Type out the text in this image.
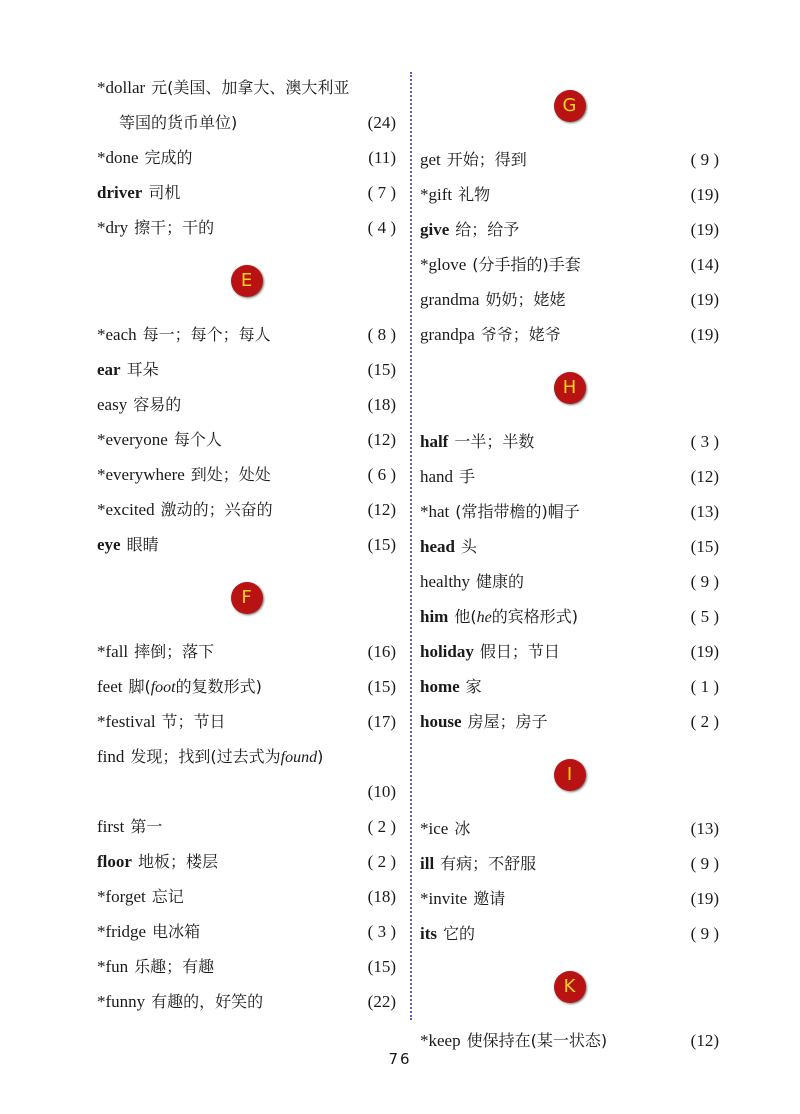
*dollar 元(美国、加拿大、澳大利亚
等国的货币单位)	(24)
*done 完成的	(11)
driver 司机	( 7 )
*dry 擦干；干的	( 4 )
E
*each 每一；每个；每人	( 8 )
ear 耳朵	(15)
easy 容易的	(18)
*everyone 每个人	(12)
*everywhere 到处；处处	( 6 )
*excited 激动的；兴奋的	(12)
eye 眼睛	(15)
F
*fall 摔倒；落下	(16)
feet 脚(foot的复数形式)	(15)
*festival 节；节日	(17)
find 发现；找到(过去式为found)
(10)
first 第一	( 2 )
floor 地板；楼层	( 2 )
*forget 忘记	(18)
*fridge 电冰箱	( 3 )
*fun 乐趣；有趣	(15)
*funny 有趣的，好笑的	(22)
G
get 开始；得到	( 9 )
*gift 礼物	(19)
give 给；给予	(19)
*glove (分手指的)手套	(14)
grandma 奶奶；姥姥	(19)
grandpa 爷爷；姥爷	(19)
H
half 一半；半数	( 3 )
hand 手	(12)
*hat (常指带檐的)帽子	(13)
head 头	(15)
healthy 健康的	( 9 )
him 他(he的宾格形式)	( 5 )
holiday 假日；节日	(19)
home 家	( 1 )
house 房屋；房子	( 2 )
I
*ice 冰	(13)
ill 有病；不舒服	( 9 )
*invite 邀请	(19)
its 它的	( 9 )
K
*keep 使保持在(某一状态)	(12)
76
